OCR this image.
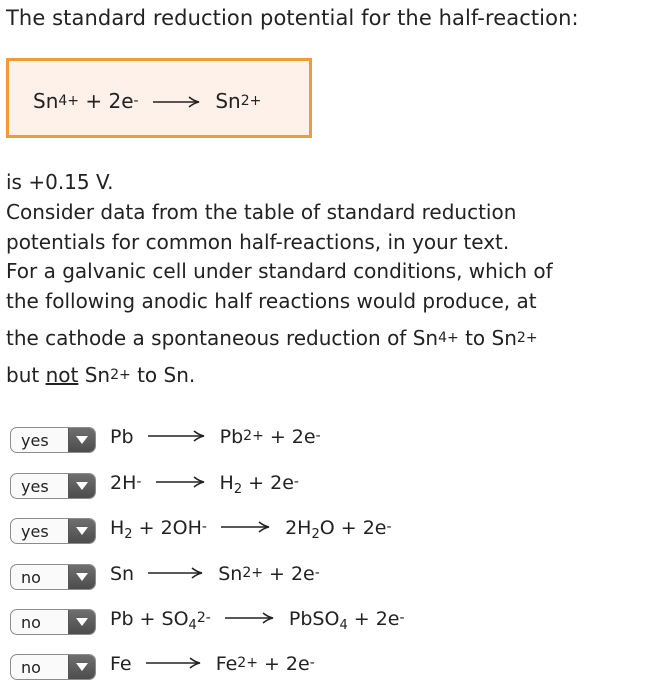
The standard reduction potential for the half-reaction:
$Sn^{4+} + 2e^-$	$Sn^{2+}$
is +0.15 V.
Consider data from the table of standard reduction
potentials for common half-reactions, in your text.
For a galvanic cell under standard conditions, which of
the following anodic half reactions would produce, at
the cathode a spontaneous reduction of $Sn^{4+}$ to $Sn^{2+}$
but not $Sn^{2+}$ to Sn.
yes	Pb	$Pb^{2+} + 2e^-$
yes	2H-	$H_2 + 2e^-$
yes	$H_2 + 2OH^-$	$2H_2O + 2e^-$
no	Sn	$Sn^{2+} + 2e^-$
no	$Pb + SO_4^{2-}$	PbSO$_4$ + 2e-
no	Fe	$Fe^{2+} + 2e^-$
